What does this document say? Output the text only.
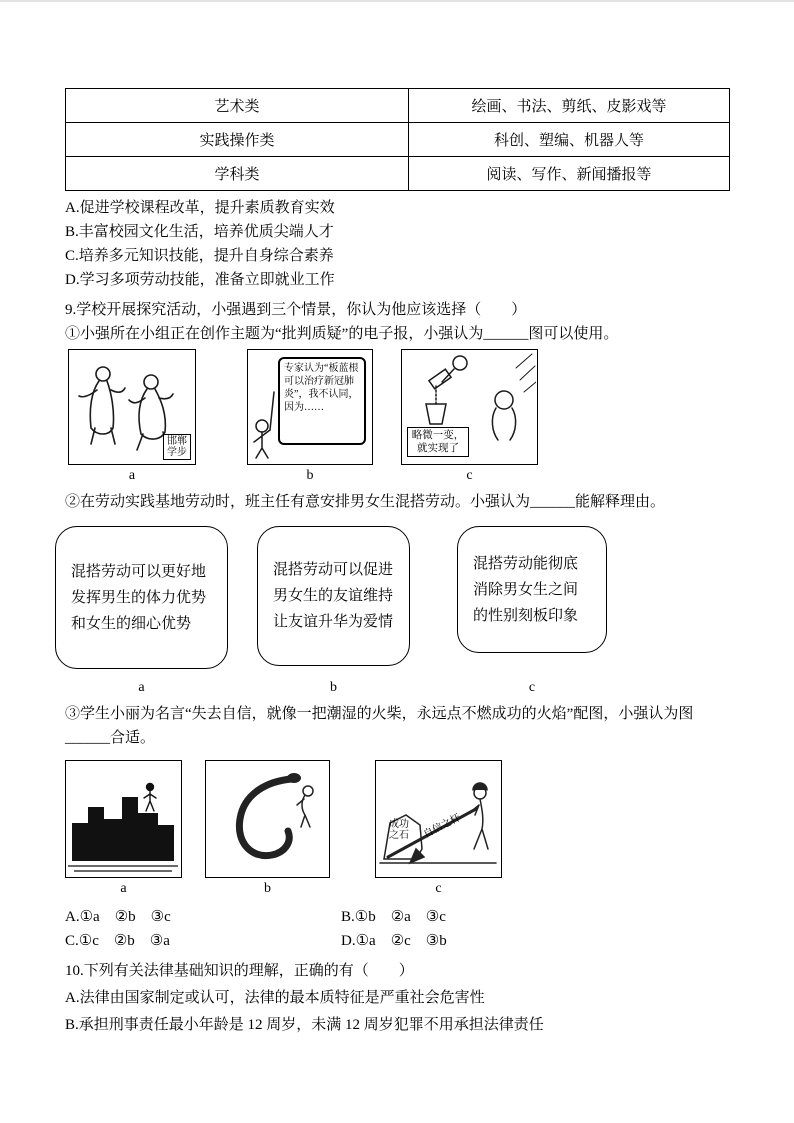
艺术类	绘画、书法、剪纸、皮影戏等
实践操作类	科创、塑编、机器人等
学科类	阅读、写作、新闻播报等
A.促进学校课程改革，提升素质教育实效
B.丰富校园文化生活，培养优质尖端人才
C.培养多元知识技能，提升自身综合素养
D.学习多项劳动技能，准备立即就业工作
9.学校开展探究活动，小强遇到三个情景，你认为他应该选择（　　）
①小强所在小组正在创作主题为“批判质疑”的电子报，小强认为______图可以使用。
邯郸学步
a
专家认为“板蓝根可以治疗新冠肺炎”，我不认同，因为……
b
略微一变，就实现了
c
②在劳动实践基地劳动时，班主任有意安排男女生混搭劳动。小强认为______能解释理由。
混搭劳动可以更好地发挥男生的体力优势和女生的细心优势
a
混搭劳动可以促进男女生的友谊维持让友谊升华为爱情
b
混搭劳动能彻底消除男女生之间的性别刻板印象
c
③学生小丽为名言“失去自信，就像一把潮湿的火柴，永远点不燃成功的火焰”配图，小强认为图______合适。
a	b
成功之石	自信之杆
c
A.①a　②b　③c	B.①b　②a　③c
C.①c　②b　③a	D.①a　②c　③b
10.下列有关法律基础知识的理解，正确的有（　　）
A.法律由国家制定或认可，法律的最本质特征是严重社会危害性
B.承担刑事责任最小年龄是 12 周岁，未满 12 周岁犯罪不用承担法律责任
